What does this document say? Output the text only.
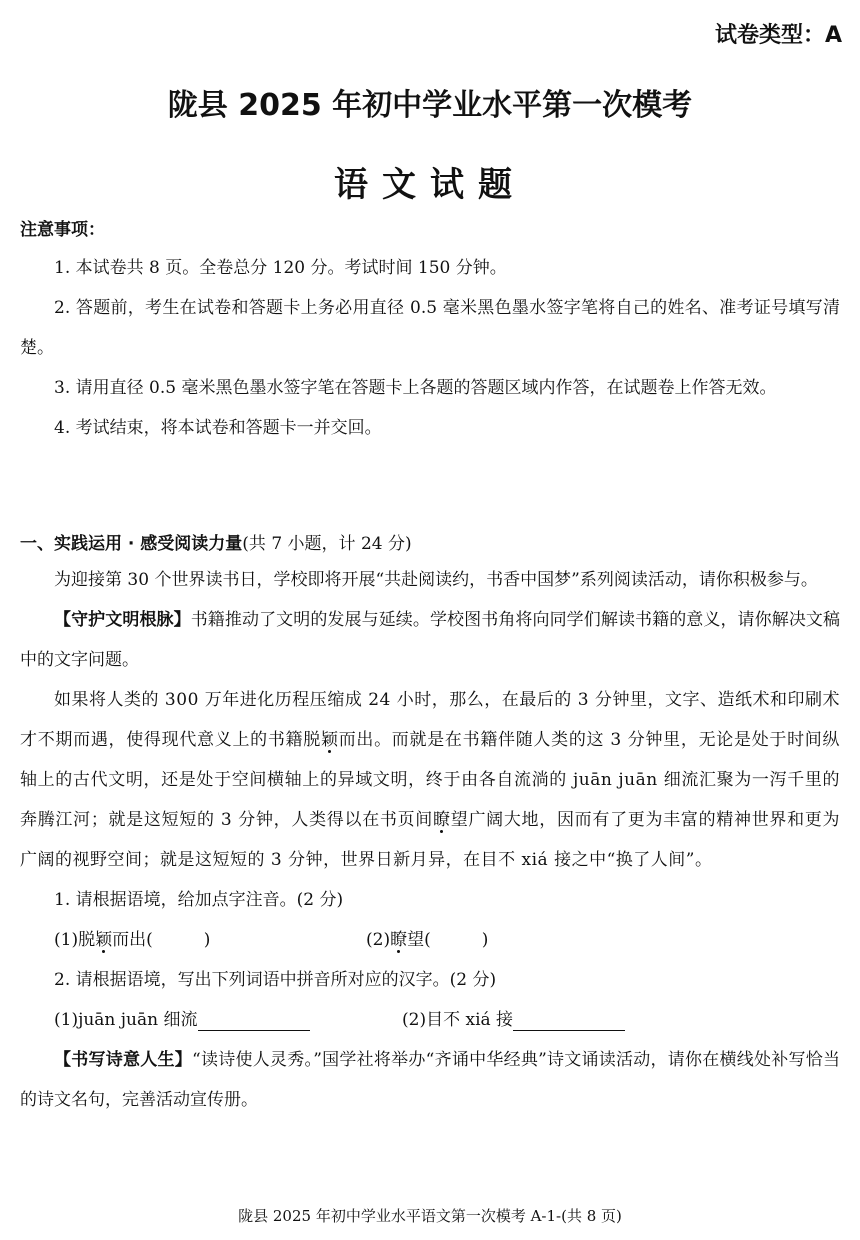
试卷类型：A
陇县 2025 年初中学业水平第一次模考
语文试题
注意事项：

1. 本试卷共 8 页。全卷总分 120 分。考试时间 150 分钟。

2. 答题前，考生在试卷和答题卡上务必用直径 0.5 毫米黑色墨水签字笔将自己的姓名、准考证号填写清楚。

3. 请用直径 0.5 毫米黑色墨水签字笔在答题卡上各题的答题区域内作答，在试题卷上作答无效。

4. 考试结束，将本试卷和答题卡一并交回。

一、实践运用 · 感受阅读力量(共 7 小题，计 24 分)

为迎接第 30 个世界读书日，学校即将开展“共赴阅读约，书香中国梦”系列阅读活动，请你积极参与。

【守护文明根脉】书籍推动了文明的发展与延续。学校图书角将向同学们解读书籍的意义，请你解决文稿中的文字问题。

如果将人类的 300 万年进化历程压缩成 24 小时，那么，在最后的 3 分钟里，文字、造纸术和印刷术才不期而遇，使得现代意义上的书籍脱颖而出。而就是在书籍伴随人类的这 3 分钟里，无论是处于时间纵轴上的古代文明，还是处于空间横轴上的异域文明，终于由各自流淌的 juān juān 细流汇聚为一泻千里的奔腾江河；就是这短短的 3 分钟，人类得以在书页间瞭望广阔大地，因而有了更为丰富的精神世界和更为广阔的视野空间；就是这短短的 3 分钟，世界日新月异，在目不 xiá 接之中“换了人间”。

1. 请根据语境，给加点字注音。(2 分)

(1)脱颖而出(　　　)	(2)瞭望(　　　)

2. 请根据语境，写出下列词语中拼音所对应的汉字。(2 分)

(1)juān juān 细流	(2)目不 xiá 接

【书写诗意人生】“读诗使人灵秀。”国学社将举办“齐诵中华经典”诗文诵读活动，请你在横线处补写恰当的诗文名句，完善活动宣传册。

陇县 2025 年初中学业水平语文第一次模考 A-1-(共 8 页)
